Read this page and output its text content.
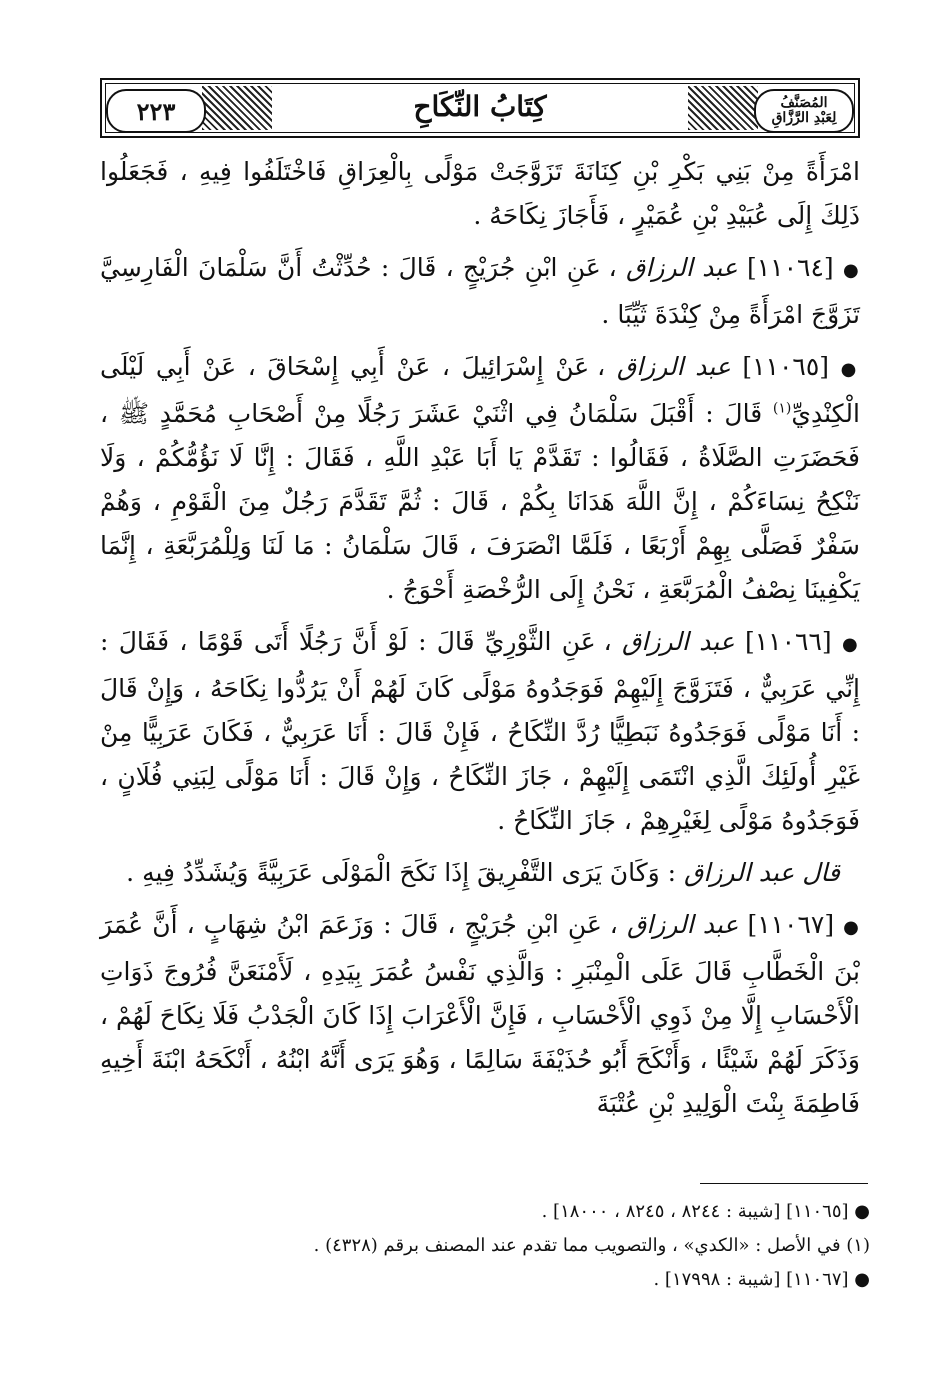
٢٢٣	كِتَابُ النِّكَاحِ	المُصَنَّفُ
لِعَبْدِ الرَّزَّاقِ

امْرَأَةً مِنْ بَنِي بَكْرِ بْنِ كِنَانَةَ تَزَوَّجَتْ مَوْلًى بِالْعِرَاقِ فَاخْتَلَفُوا فِيهِ ، فَجَعَلُوا ذَلِكَ إِلَى عُبَيْدِ بْنِ عُمَيْرٍ ، فَأَجَازَ نِكَاحَهُ .

● [١١٠٦٤] عبد الرزاق ، عَنِ ابْنِ جُرَيْجٍ ، قَالَ : حُدِّثْتُ أَنَّ سَلْمَانَ الْفَارِسِيَّ تَزَوَّجَ امْرَأَةً مِنْ كِنْدَةَ ثَيِّبًا .

● [١١٠٦٥] عبد الرزاق ، عَنْ إِسْرَائِيلَ ، عَنْ أَبِي إِسْحَاقَ ، عَنْ أَبِي لَيْلَى الْكِنْدِيِّ$^{(١)}$ قَالَ : أَقْبَلَ سَلْمَانُ فِي اثْنَيْ عَشَرَ رَجُلًا مِنْ أَصْحَابِ مُحَمَّدٍ ﷺ ، فَحَضَرَتِ الصَّلَاةُ ، فَقَالُوا : تَقَدَّمْ يَا أَبَا عَبْدِ اللَّهِ ، فَقَالَ : إِنَّا لَا نَؤُمُّكُمْ ، وَلَا نَنْكِحُ نِسَاءَكُمْ ، إِنَّ اللَّهَ هَدَانَا بِكُمْ ، قَالَ : ثُمَّ تَقَدَّمَ رَجُلٌ مِنَ الْقَوْمِ ، وَهُمْ سَفْرٌ فَصَلَّى بِهِمْ أَرْبَعًا ، فَلَمَّا انْصَرَفَ ، قَالَ سَلْمَانُ : مَا لَنَا وَلِلْمُرَبَّعَةِ ، إِنَّمَا يَكْفِينَا نِصْفُ الْمُرَبَّعَةِ ، نَحْنُ إِلَى الرُّخْصَةِ أَحْوَجُ .

● [١١٠٦٦] عبد الرزاق ، عَنِ الثَّوْرِيِّ قَالَ : لَوْ أَنَّ رَجُلًا أَتَى قَوْمًا ، فَقَالَ : إِنِّي عَرَبِيٌّ ، فَتَزَوَّجَ إِلَيْهِمْ فَوَجَدُوهُ مَوْلًى كَانَ لَهُمْ أَنْ يَرُدُّوا نِكَاحَهُ ، وَإِنْ قَالَ : أَنَا مَوْلًى فَوَجَدُوهُ نَبَطِيًّا رُدَّ النِّكَاحُ ، فَإِنْ قَالَ : أَنَا عَرَبِيٌّ ، فَكَانَ عَرَبِيًّا مِنْ غَيْرِ أُولَئِكَ الَّذِي انْتَمَى إِلَيْهِمْ ، جَازَ النِّكَاحُ ، وَإِنْ قَالَ : أَنَا مَوْلًى لِبَنِي فُلَانٍ ، فَوَجَدُوهُ مَوْلًى لِغَيْرِهِمْ ، جَازَ النِّكَاحُ .

قال عبد الرزاق : وَكَانَ يَرَى التَّفْرِيقَ إِذَا نَكَحَ الْمَوْلَى عَرَبِيَّةً وَيُشَدِّدُ فِيهِ .

● [١١٠٦٧] عبد الرزاق ، عَنِ ابْنِ جُرَيْجٍ ، قَالَ : وَزَعَمَ ابْنُ شِهَابٍ ، أَنَّ عُمَرَ بْنَ الْخَطَّابِ قَالَ عَلَى الْمِنْبَرِ : وَالَّذِي نَفْسُ عُمَرَ بِيَدِهِ ، لَأَمْنَعَنَّ فُرُوجَ ذَوَاتِ الْأَحْسَابِ إِلَّا مِنْ ذَوِي الْأَحْسَابِ ، فَإِنَّ الْأَعْرَابَ إِذَا كَانَ الْجَدْبُ فَلَا نِكَاحَ لَهُمْ ، وَذَكَرَ لَهُمْ شَيْئًا ، وَأَنْكَحَ أَبُو حُذَيْفَةَ سَالِمًا ، وَهُوَ يَرَى أَنَّهُ ابْنُهُ ، أَنْكَحَهُ ابْنَةَ أَخِيهِ فَاطِمَةَ بِنْتَ الْوَلِيدِ بْنِ عُتْبَةَ

● [١١٠٦٥] [شيبة : ٨٢٤٤ ، ٨٢٤٥ ، ١٨٠٠٠] .

(١) في الأصل : «الكدي» ، والتصويب مما تقدم عند المصنف برقم (٤٣٢٨) .

● [١١٠٦٧] [شيبة : ١٧٩٩٨] .
